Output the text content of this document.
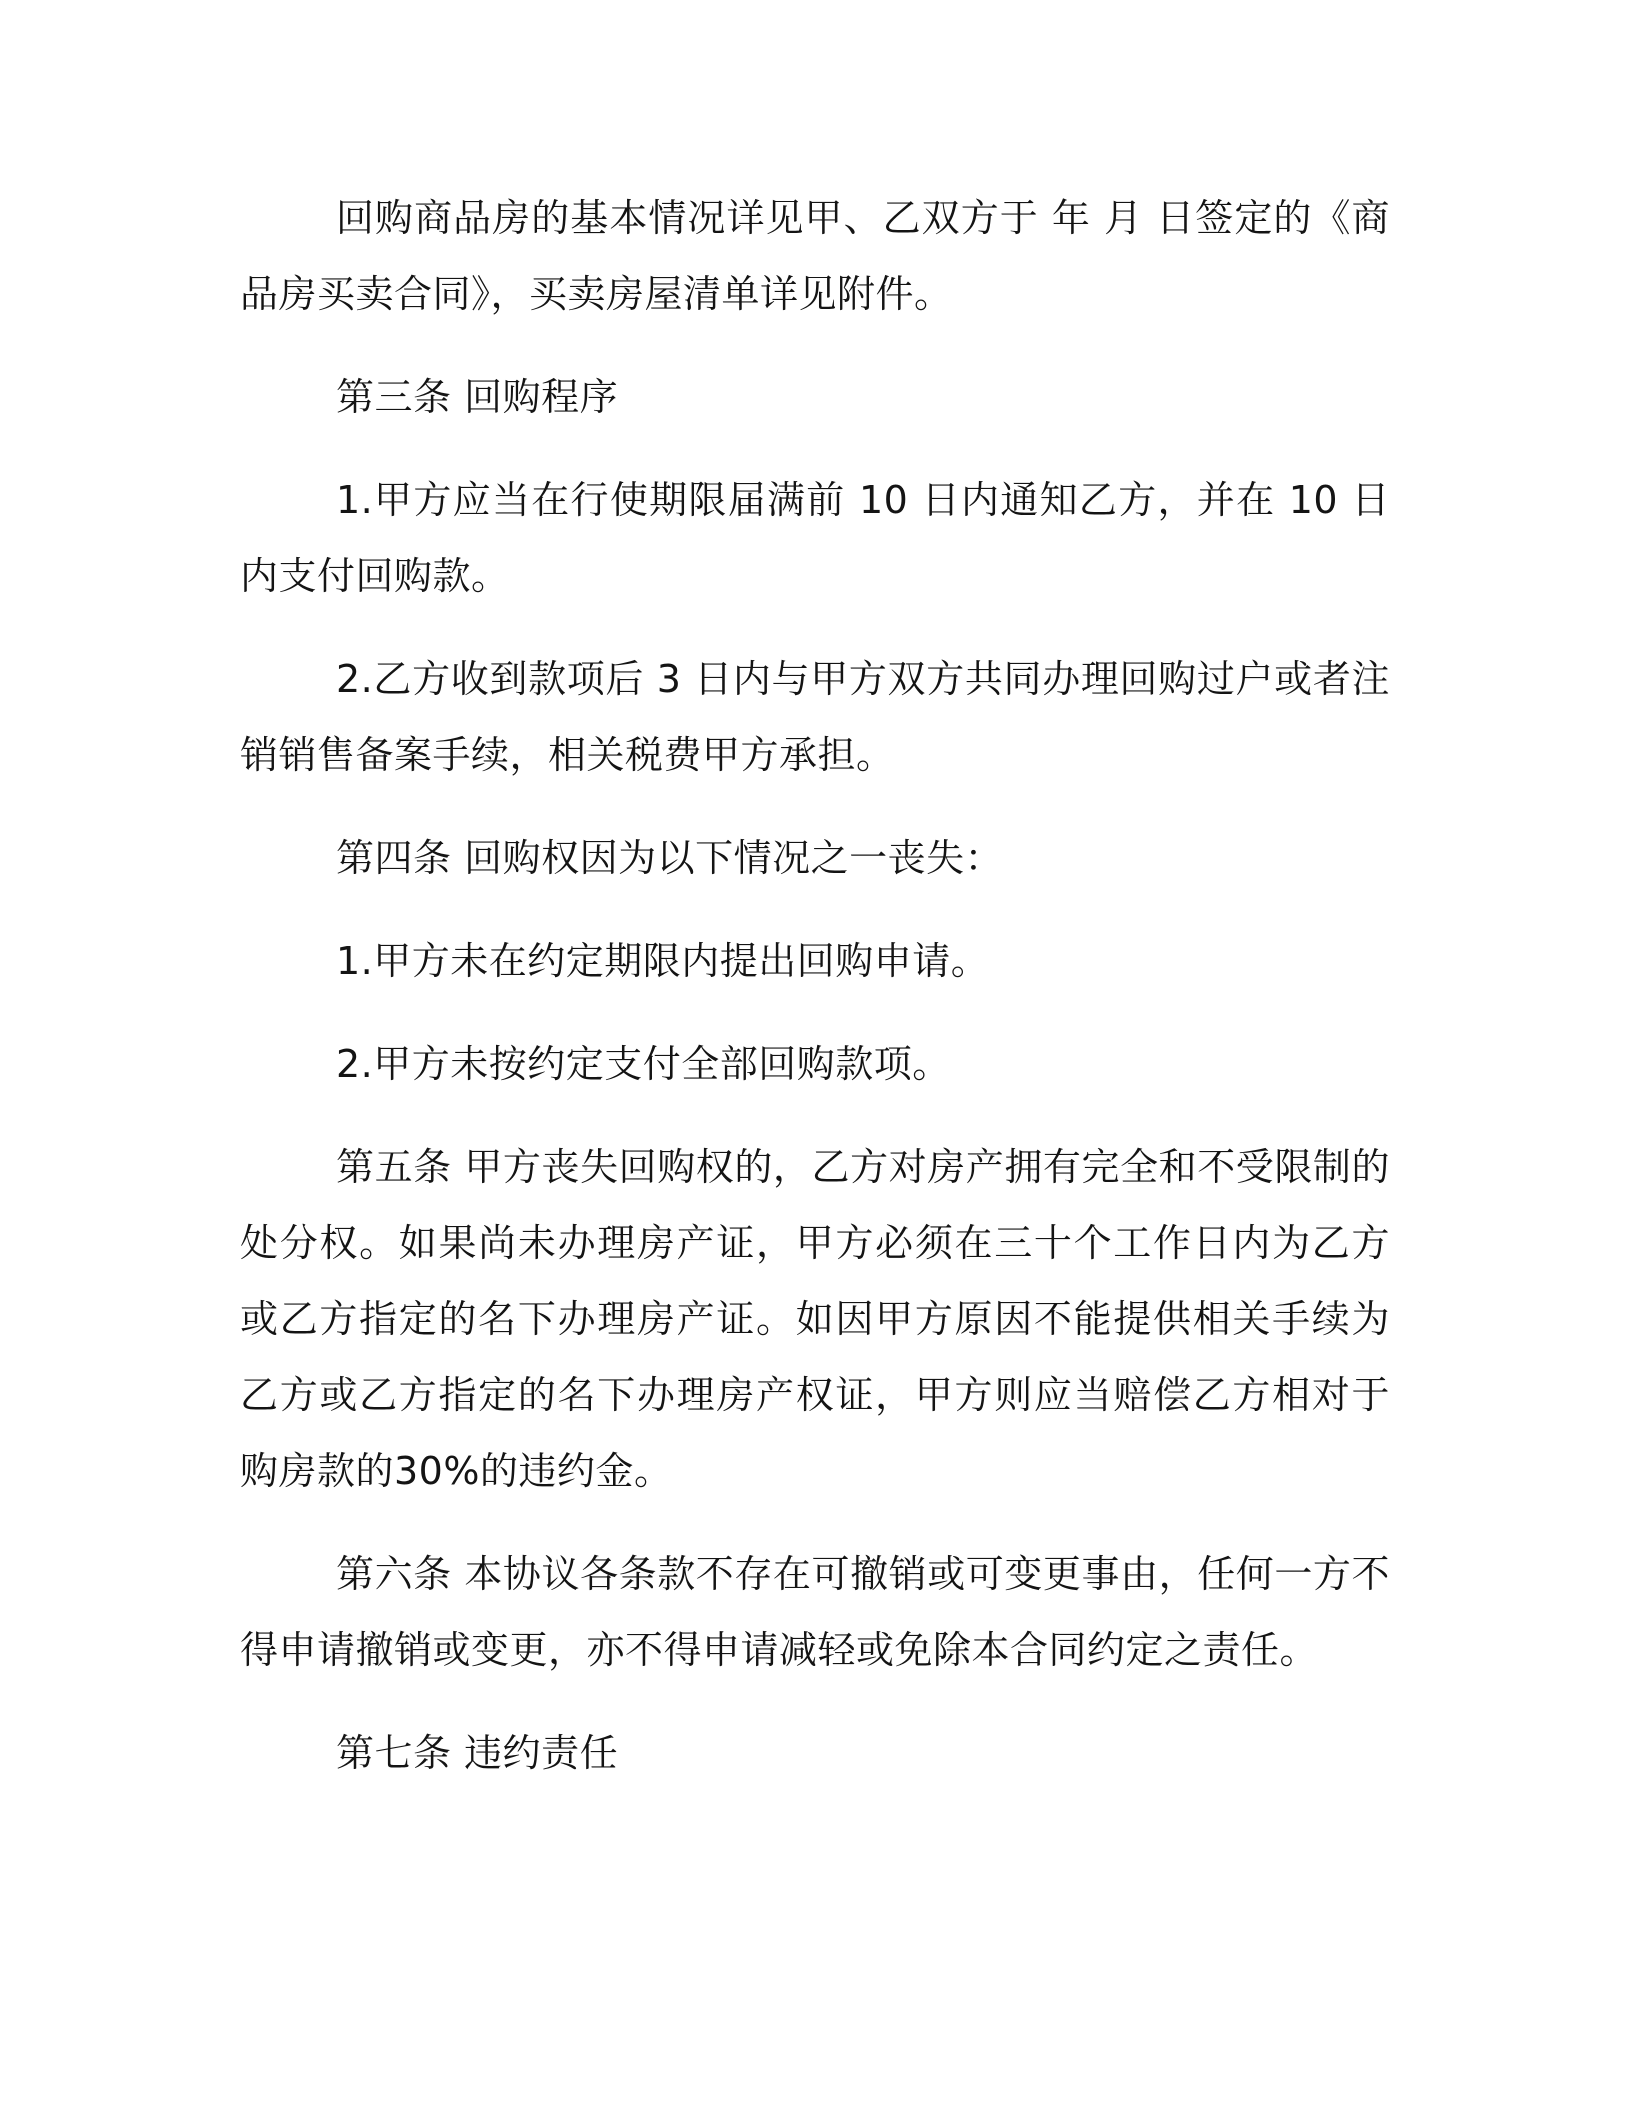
回购商品房的基本情况详见甲、乙双方于 年 月 日签定的《商品房买卖合同》，买卖房屋清单详见附件。

第三条 回购程序

1.甲方应当在行使期限届满前 10 日内通知乙方，并在 10 日内支付回购款。

2.乙方收到款项后 3 日内与甲方双方共同办理回购过户或者注销销售备案手续，相关税费甲方承担。

第四条 回购权因为以下情况之一丧失：

1.甲方未在约定期限内提出回购申请。

2.甲方未按约定支付全部回购款项。

第五条 甲方丧失回购权的，乙方对房产拥有完全和不受限制的处分权。如果尚未办理房产证，甲方必须在三十个工作日内为乙方或乙方指定的名下办理房产证。如因甲方原因不能提供相关手续为乙方或乙方指定的名下办理房产权证，甲方则应当赔偿乙方相对于购房款的30%的违约金。

第六条 本协议各条款不存在可撤销或可变更事由，任何一方不得申请撤销或变更，亦不得申请减轻或免除本合同约定之责任。

第七条 违约责任
